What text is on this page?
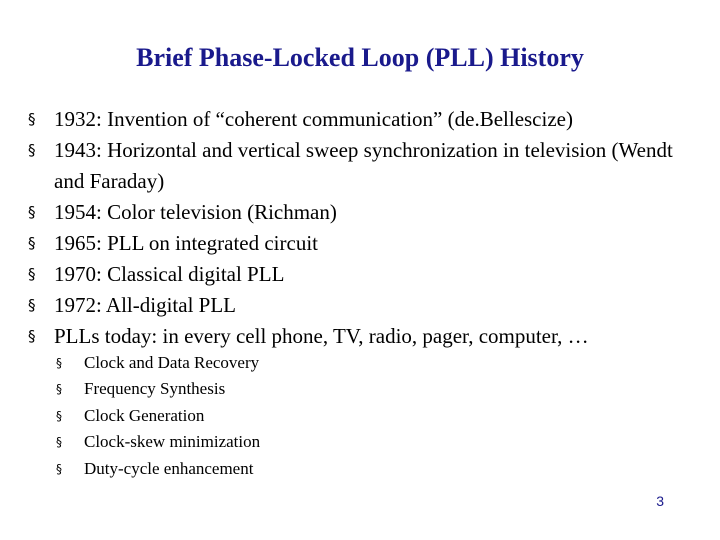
Brief Phase-Locked Loop (PLL) History
§ 1932: Invention of “coherent communication” (de.Bellescize)
§ 1943: Horizontal and vertical sweep synchronization in television (Wendt and Faraday)
§ 1954: Color television (Richman)
§ 1965: PLL on integrated circuit
§ 1970: Classical digital PLL
§ 1972: All-digital PLL
§ PLLs today: in every cell phone, TV, radio, pager, computer, …
§ Clock and Data Recovery
§ Frequency Synthesis
§ Clock Generation
§ Clock-skew minimization
§ Duty-cycle enhancement
3
